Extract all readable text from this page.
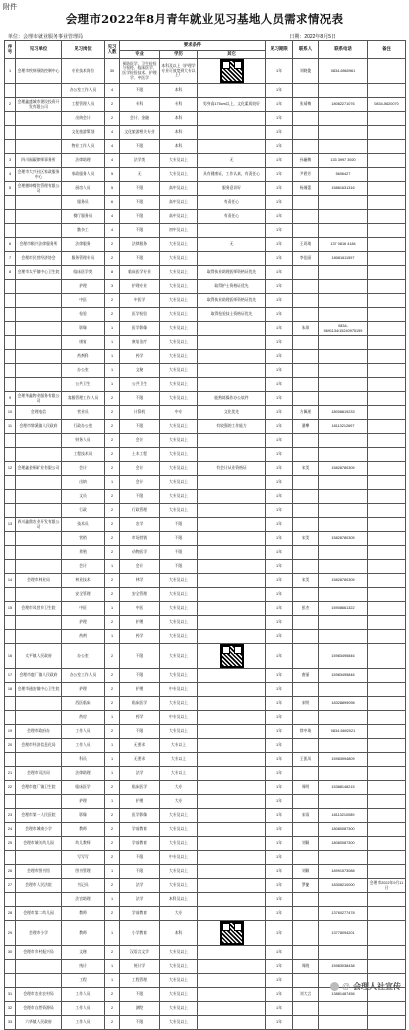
附件
会理市2022年8月青年就业见习基地人员需求情况表
单位：会理市就业服务事业管理局	日期：2022年8月5日
序号	见习单位	见习岗位	见习人数	要求条件			见习期限	联系人	联系电话	备注
				专业	学历	其它				
1	会理市疾病预防控制中心	专业技术岗位	30	预防医学、卫生检验与检疫、临床医学、医学检验技术、护理学、中医学	本科及以上（护理学专业可放宽到大专以上）		1年	刘晓俊	0834-6560961	
		办公室工作人员	4	不限	本科		1年			
2	会理鑫盛城市建设投资开发有限公司	工程管理人员	2	专科	专科	男身高175cm以上，文化素质较好	1年	张靖梅	18082271076	0834-5620070
		出纳会计	2	会计、金融	本科		1年			
		文化旅游策划	4	文化旅游相关专业	本科		1年			
		物业工作人员	4	不限	本科		1年			
3	四川福碳律师事务所	法律助理	4	法学类	大专及以上	无	1年	孙骊梅	133 3997 3920	
4	会理市大兴社区家政服务中心	家政服务人员	5	无	大专及以上	具有健康证，工作认真，有责任心	1年	尹碧芳	5606427	
5	会理德坤餐饮管理有限公司	厨房人员	5	不限	高中及以上	服务意识好	1年	杨瑾蕾	15881631316	
		服务员	6	不限	高中及以上	有责任心	1年			
		餐厅服务员	4	不限	高中及以上	有责任心	1年			
		勤杂工	4	不限	初中及以上		1年			
6	会理市顺兴法律服务所	法律服务	2	法律服务	大专及以上	无	1年	王玥琦	137 0816 4184	
7	会理市民营经济协会	服务管理专员	2	不限	大专及以上		1年	李佳丽	18081611597	
8	会理市太平镇中心卫生院	临床医学类	8	临床医学专业	大专及以上	取得执业助理医师资格证优先	1年			
		护理	3	护理专业	大专及以上	取得护士资格证优先	1年			
		中医	2	中医学	大专及以上	取得执业助理医师资格证优先	1年			
		检验	2	医学检验	大专及以上	取得检验技士资格证优先	1年			
		影像	1	医学影像	大专及以上		1年	朱琼	0834-5691134/15240975159	
		康复	1	康复治疗	大专及以上		1年			
		药剂科	1	药学	大专及以上		1年			
		办公室	1	文秘	大专及以上		1年			
		公共卫生	1	公共卫生	大专及以上		1年			
9	会理华鑫物业服务有限公司	客服管理工作人员	2	不限	大专及以上	能熟练操作办公软件	1年			
10	会理电信	营业员	2	计算机	中专	文化优先	1年	方佩瑶	18008819233	
11	会理市黎溪镇人民政府	行政办公室	2	不限	大专及以上	有较强的工作能力	1年	暴攀	18113212697	
		财务人员	2	会计	大专及以上		1年			
		工程技术员	2	土木工程	大专及以上		1年			
12	会理鑫金铜矿业有限公司	会计	2	会计	大专及以上	有会计从业资格证	1年	宋美	15828780305	
		出纳	1	会计	大专及以上		1年			
		文员	2	不限	大专及以上		1年			
		行政	2	行政管理	大专及以上		1年			
13	四川鑫鼎农业开发有限公司	技术员	2	农学	不限		1年			
		营销	2	市场营销	不限		1年	宋美	15828780305	
		养殖	2	动物医学	不限		1年			
		会计	1	会计	不限		1年			
14	会理市林业局	林业技术	2	林学	大专及以上		1年	宋美	15828780305	
		安全管理	2	安全管理	大专及以上		1年			
15	会理市凤营乡卫生院	中医	1	中医	大专及以上		1年	彭杰	15908661322	
		护理	2	护理	大专及以上		1年			
		药剂	1	药学	大专及以上		1年			
16	太平镇人民政府	办公室	2	不限	大专及以上		1年		15983495846	
17	会理市鹿厂镇人民政府	办公室工作人员	2	不限	大专及以上		1年	唐丽	15983495846	
18	会理市通安镇中心卫生院	护理	2	护理	中专及以上		1年			
		西医临床	2	临床医学	大专及以上		1年	宋明	18328899098	
		药房	1	药学	中专及以上		1年			
19	会理市政府办	工作人员	2	不限	大专及以上		1年	徐中琦	0834-5692021	
20	会理市经济信息化局	工作人员	1	无要求	大专以上		1年			
		科员	1	无要求	大专以上		1年	王凯凤	15983994809	
21	会理市司法局	法律助理	1	法学	大专以上		1年			
22	会理市鹿厂镇卫生院	临床医学	2	临床医学	大专		1年	周明	15388148215	
		护理	1	护理	大专		1年			
23	会理市第一人民医院	影像	2	医学影像	大专及以上		1年	宋雨	18113210089	
24	会理市城南小学	教师	2	学前教育	大专及以上		1年		18080087300	
25	会理市城关幼儿园	幼儿教师	2	学前教育	大专及以上		1年	刘颖	18080087300	
		写写写	2	不限	中专及以上		1年			
26	会理市图书馆	图书管理	1	不限	大专及以上		1年	刘颖	18991573088	
27	会理市人民法院	书记员	2	法学	大专及以上		1年	罗捷	18308210000	会理市2022年9月11日
		法官助理	1	法学	本科及以上		1年			
28	会理市第二幼儿园	教师	2	学前教育	大专		1年		13760277478	
29	会理市小学	教师	1	小学教育	本科		1年		13778094201	
30	会理市乡村振兴局	文秘	2	汉语言文学	大专及以上		1年			
		统计	1	统计学	大专及以上		1年	周晓	15983038438	
		工程	1	工程管理	大专及以上		1年			
31	会理市农业农村局	工作人员	2	不限	大专及以上		1年	刘大言	13881487456	
32	会理市自然资源局	工作人员	2	测绘	大专及以上		1年			
33	六华镇人民政府	工作人员	2	不限	大专及以上		1年			
@ 会理人社宣传
